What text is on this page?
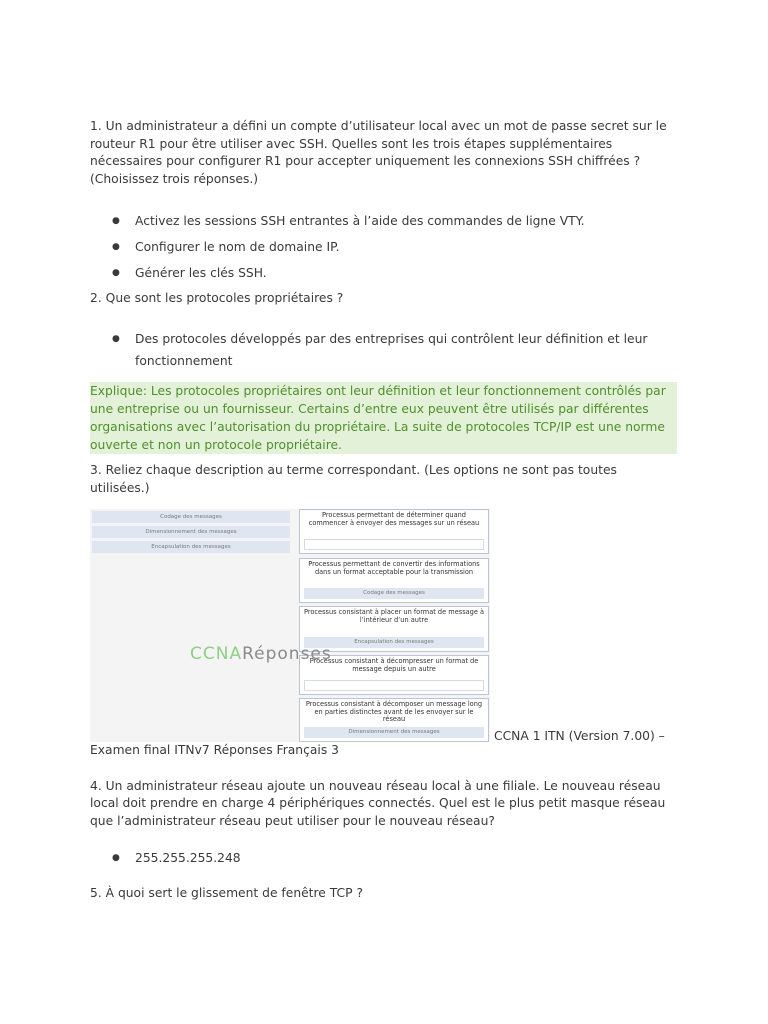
1. Un administrateur a défini un compte d’utilisateur local avec un mot de passe secret sur le routeur R1 pour être utiliser avec SSH. Quelles sont les trois étapes supplémentaires nécessaires pour configurer R1 pour accepter uniquement les connexions SSH chiffrées ? (Choisissez trois réponses.)

● Activez les sessions SSH entrantes à l’aide des commandes de ligne VTY.
● Configurer le nom de domaine IP.
● Générer les clés SSH.

2. Que sont les protocoles propriétaires ?

● Des protocoles développés par des entreprises qui contrôlent leur définition et leur fonctionnement

Explique: Les protocoles propriétaires ont leur définition et leur fonctionnement contrôlés par une entreprise ou un fournisseur. Certains d’entre eux peuvent être utilisés par différentes organisations avec l’autorisation du propriétaire. La suite de protocoles TCP/IP est une norme ouverte et non un protocole propriétaire.

3. Reliez chaque description au terme correspondant. (Les options ne sont pas toutes utilisées.)

Codage des messages
Dimensionnement des messages
Encapsulation des messages
Processus permettant de déterminer quand commencer à envoyer des messages sur un réseau
Processus permettant de convertir des informations dans un format acceptable pour la transmission
Codage des messages
Processus consistant à placer un format de message à l’intérieur d’un autre
Encapsulation des messages
Processus consistant à décompresser un format de message depuis un autre
Processus consistant à décomposer un message long en parties distinctes avant de les envoyer sur le réseau
Dimensionnement des messages
CCNARéponses
CCNA 1 ITN (Version 7.00) –

Examen final ITNv7 Réponses Français 3

4. Un administrateur réseau ajoute un nouveau réseau local à une filiale. Le nouveau réseau local doit prendre en charge 4 périphériques connectés. Quel est le plus petit masque réseau que l’administrateur réseau peut utiliser pour le nouveau réseau?

● 255.255.255.248

5. À quoi sert le glissement de fenêtre TCP ?
